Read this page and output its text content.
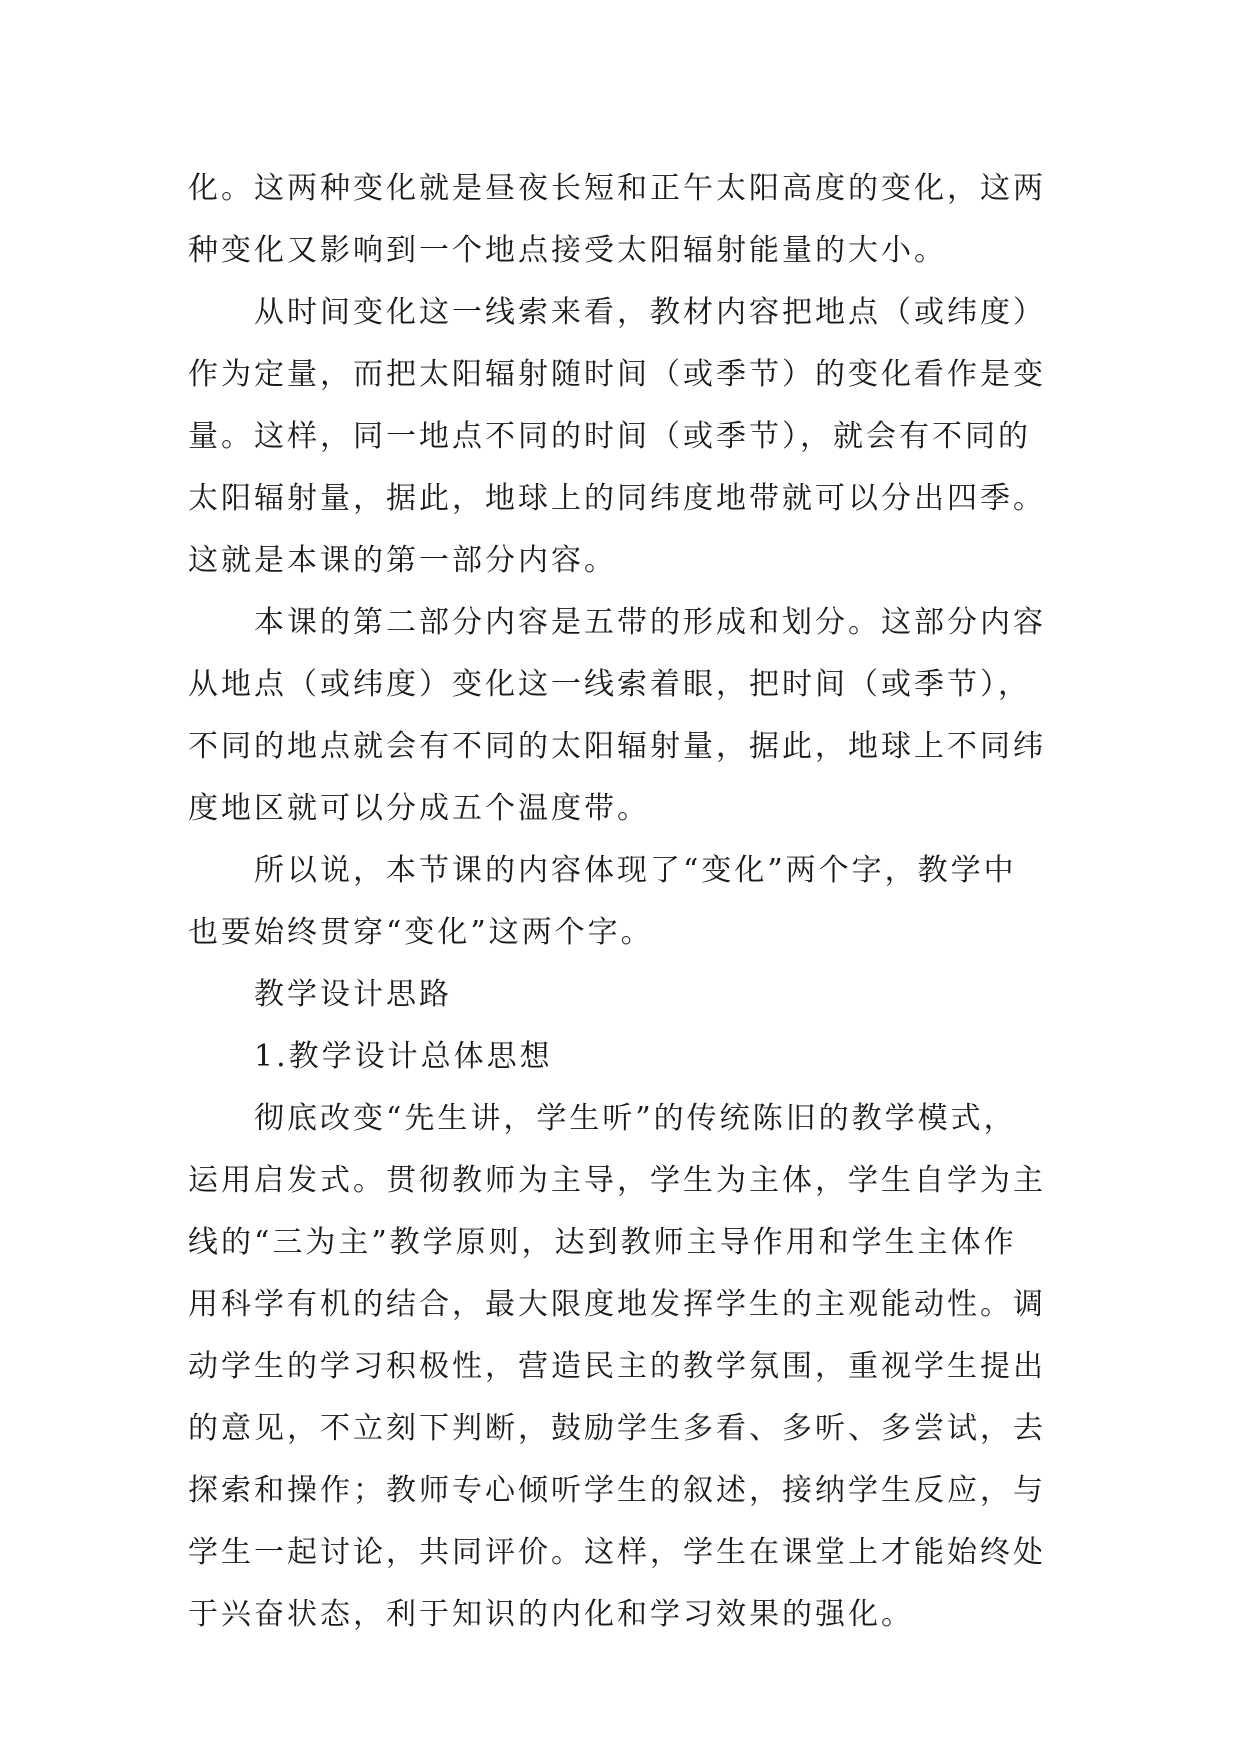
化。这两种变化就是昼夜长短和正午太阳高度的变化，这两
种变化又影响到一个地点接受太阳辐射能量的大小。
从时间变化这一线索来看，教材内容把地点（或纬度）
作为定量，而把太阳辐射随时间（或季节）的变化看作是变
量。这样，同一地点不同的时间（或季节），就会有不同的
太阳辐射量，据此，地球上的同纬度地带就可以分出四季。
这就是本课的第一部分内容。
本课的第二部分内容是五带的形成和划分。这部分内容
从地点（或纬度）变化这一线索着眼，把时间（或季节），
不同的地点就会有不同的太阳辐射量，据此，地球上不同纬
度地区就可以分成五个温度带。
所以说，本节课的内容体现了“变化”两个字，教学中
也要始终贯穿“变化”这两个字。
教学设计思路
1.教学设计总体思想
彻底改变“先生讲，学生听”的传统陈旧的教学模式，
运用启发式。贯彻教师为主导，学生为主体，学生自学为主
线的“三为主”教学原则，达到教师主导作用和学生主体作
用科学有机的结合，最大限度地发挥学生的主观能动性。调
动学生的学习积极性，营造民主的教学氛围，重视学生提出
的意见，不立刻下判断，鼓励学生多看、多听、多尝试，去
探索和操作；教师专心倾听学生的叙述，接纳学生反应，与
学生一起讨论，共同评价。这样，学生在课堂上才能始终处
于兴奋状态，利于知识的内化和学习效果的强化。
